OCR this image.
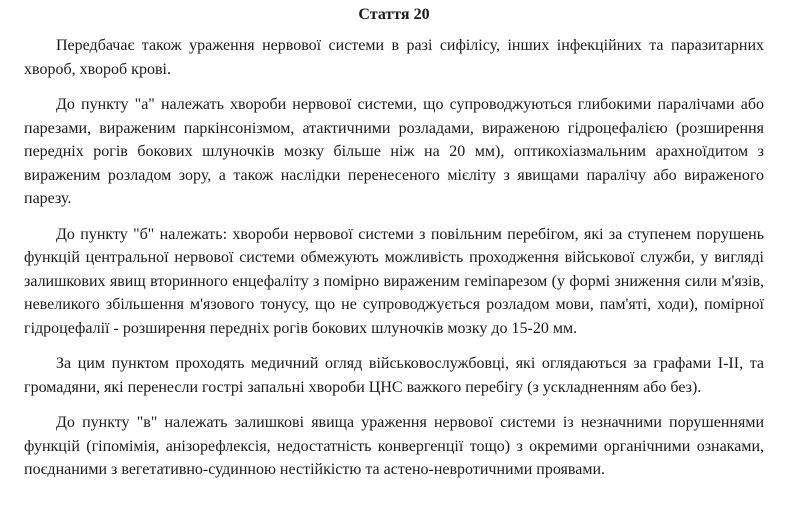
Стаття 20

Передбачає також ураження нервової системи в разі сифілісу, інших інфекційних та паразитарних хвороб, хвороб крові.

До пункту "а" належать хвороби нервової системи, що супроводжуються глибокими паралічами або парезами, вираженим паркінсонізмом, атактичними розладами, вираженою гідроцефалією (розширення передніх рогів бокових шлуночків мозку більше ніж на 20 мм), оптикохіазмальним арахноїдитом з вираженим розладом зору, а також наслідки перенесеного мієліту з явищами паралічу або вираженого парезу.

До пункту "б" належать: хвороби нервової системи з повільним перебігом, які за ступенем порушень функцій центральної нервової системи обмежують можливість проходження військової служби, у вигляді залишкових явищ вторинного енцефаліту з помірно вираженим геміпарезом (у формі зниження сили м'язів, невеликого збільшення м'язового тонусу, що не супроводжується розладом мови, пам'яті, ходи), помірної гідроцефалії - розширення передніх рогів бокових шлуночків мозку до 15-20 мм.

За цим пунктом проходять медичний огляд військовослужбовці, які оглядаються за графами I-II, та громадяни, які перенесли гострі запальні хвороби ЦНС важкого перебігу (з ускладненням або без).

До пункту "в" належать залишкові явища ураження нервової системи із незначними порушеннями функцій (гіпомімія, анізорефлексія, недостатність конвергенції тощо) з окремими органічними ознаками, поєднаними з вегетативно-судинною нестійкістю та астено-невротичними проявами.
